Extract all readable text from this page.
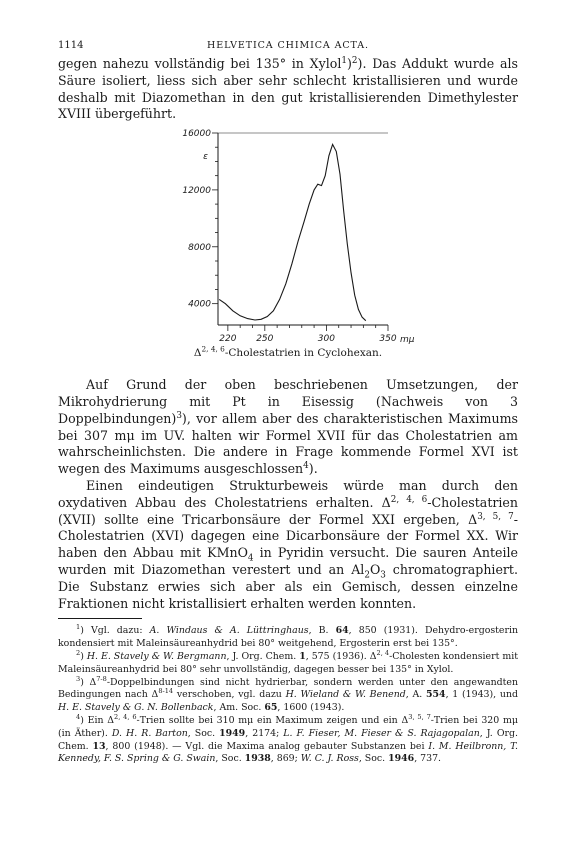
1114	HELVETICA CHIMICA ACTA.

gegen nahezu vollständig bei 135° in Xylol$^1$)$^2$). Das Addukt wurde als Säure isoliert, liess sich aber sehr schlecht kristallisieren und wurde deshalb mit Diazomethan in den gut kristallisierenden Dimethylester XVIII übergeführt.

220 250	300	350 mμ
16000
12000
8000
4000
ε
Δ$^{2, 4, 6}$-Cholestatrien in Cyclohexan.

Auf Grund der oben beschriebenen Umsetzungen, der Mikrohydrierung mit Pt in Eisessig (Nachweis von 3 Doppelbindungen)$^3$), vor allem aber des charakteristischen Maximums bei 307 mμ im UV. halten wir Formel XVII für das Cholestatrien am wahrscheinlichsten. Die andere in Frage kommende Formel XVI ist wegen des Maximums ausgeschlossen$^4$).

Einen eindeutigen Strukturbeweis würde man durch den oxydativen Abbau des Cholestatriens erhalten. Δ$^{2, 4, 6}$-Cholestatrien (XVII) sollte eine Tricarbonsäure der Formel XXI ergeben, Δ$^{3, 5, 7}$-Cholestatrien (XVI) dagegen eine Dicarbonsäure der Formel XX. Wir haben den Abbau mit KMnO$_4$ in Pyridin versucht. Die sauren Anteile wurden mit Diazomethan verestert und an $Al_2O_3$ chromatographiert. Die Substanz erwies sich aber als ein Gemisch, dessen einzelne Fraktionen nicht kristallisiert erhalten werden konnten.

$^1$) Vgl. dazu: A. Windaus & A. Lüttringhaus, B. 64, 850 (1931). Dehydro-ergosterin kondensiert mit Maleinsäureanhydrid bei 80° weitgehend, Ergosterin erst bei 135°.

$^2$) H. E. Stavely & W. Bergmann, J. Org. Chem. 1, 575 (1936). Δ$^{2, 4}$-Cholesten kondensiert mit Maleinsäureanhydrid bei 80° sehr unvollständig, dagegen besser bei 135° in Xylol.

$^3$) $\Delta^{7-8}$-Doppelbindungen sind nicht hydrierbar, sondern werden unter den angewandten Bedingungen nach $\Delta^{8-14}$ verschoben, vgl. dazu H. Wieland & W. Benend, A. 554, 1 (1943), und H. E. Stavely & G. N. Bollenback, Am. Soc. 65, 1600 (1943).

$^4$) Ein Δ$^{2, 4, 6}$-Trien sollte bei 310 mμ ein Maximum zeigen und ein Δ$^{3, 5, 7}$-Trien bei 320 mμ (in Äther). D. H. R. Barton, Soc. 1949, 2174; L. F. Fieser, M. Fieser & S. Rajagopalan, J. Org. Chem. 13, 800 (1948). — Vgl. die Maxima analog gebauter Substanzen bei I. M. Heilbronn, T. Kennedy, F. S. Spring & G. Swain, Soc. 1938, 869; W. C. J. Ross, Soc. 1946, 737.
